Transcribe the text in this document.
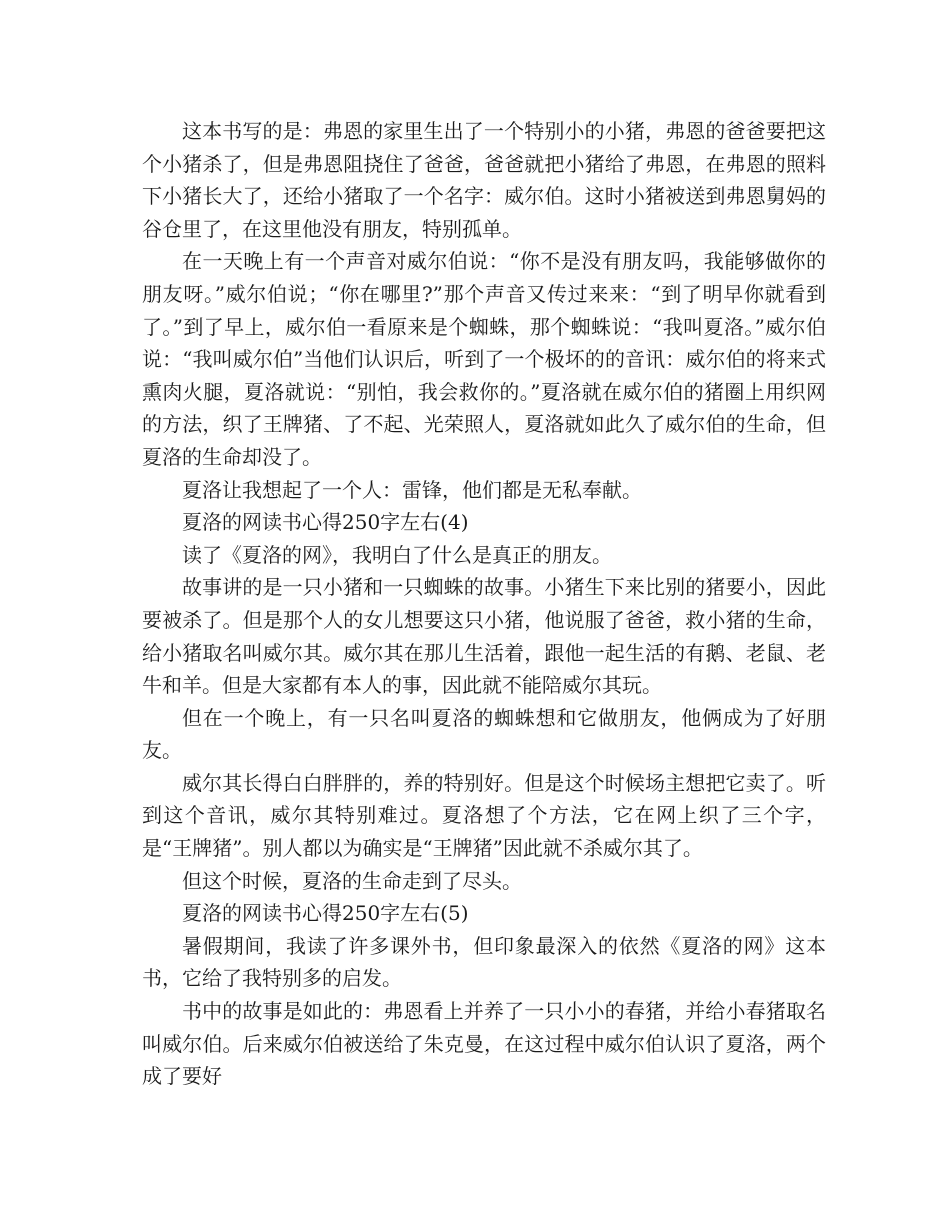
这本书写的是：弗恩的家里生出了一个特别小的小猪，弗恩的爸爸要把这个小猪杀了，但是弗恩阻挠住了爸爸，爸爸就把小猪给了弗恩，在弗恩的照料下小猪长大了，还给小猪取了一个名字：威尔伯。这时小猪被送到弗恩舅妈的谷仓里了，在这里他没有朋友，特别孤单。

在一天晚上有一个声音对威尔伯说：“你不是没有朋友吗，我能够做你的朋友呀。”威尔伯说；“你在哪里?”那个声音又传过来来：“到了明早你就看到了。”到了早上，威尔伯一看原来是个蜘蛛，那个蜘蛛说：“我叫夏洛。”威尔伯说：“我叫威尔伯”当他们认识后，听到了一个极坏的的音讯：威尔伯的将来式熏肉火腿，夏洛就说：“别怕，我会救你的。”夏洛就在威尔伯的猪圈上用织网的方法，织了王牌猪、了不起、光荣照人，夏洛就如此久了威尔伯的生命，但夏洛的生命却没了。

夏洛让我想起了一个人：雷锋，他们都是无私奉献。

夏洛的网读书心得250字左右(4)

读了《夏洛的网》，我明白了什么是真正的朋友。

故事讲的是一只小猪和一只蜘蛛的故事。小猪生下来比别的猪要小，因此要被杀了。但是那个人的女儿想要这只小猪，他说服了爸爸，救小猪的生命，给小猪取名叫威尔其。威尔其在那儿生活着，跟他一起生活的有鹅、老鼠、老牛和羊。但是大家都有本人的事，因此就不能陪威尔其玩。

但在一个晚上，有一只名叫夏洛的蜘蛛想和它做朋友，他俩成为了好朋友。

威尔其长得白白胖胖的，养的特别好。但是这个时候场主想把它卖了。听到这个音讯，威尔其特别难过。夏洛想了个方法，它在网上织了三个字，是“王牌猪”。别人都以为确实是“王牌猪”因此就不杀威尔其了。

但这个时候，夏洛的生命走到了尽头。

夏洛的网读书心得250字左右(5)

暑假期间，我读了许多课外书，但印象最深入的依然《夏洛的网》这本书，它给了我特别多的启发。

书中的故事是如此的：弗恩看上并养了一只小小的春猪，并给小春猪取名叫威尔伯。后来威尔伯被送给了朱克曼，在这过程中威尔伯认识了夏洛，两个成了要好
